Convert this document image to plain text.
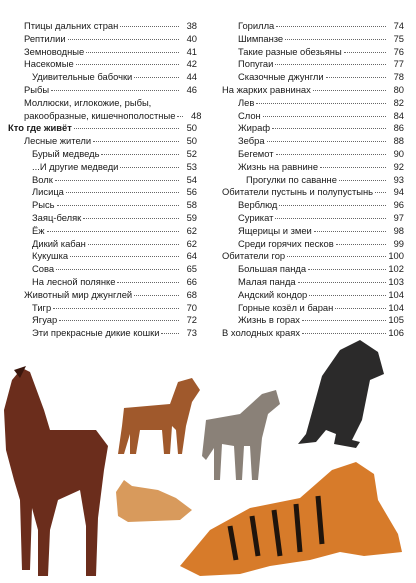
Птицы дальних стран	38
Рептилии	40
Земноводные	41
Насекомые	42
Удивительные бабочки	44
Рыбы	46
Моллюски, иглокожие, рыбы,
ракообразные, кишечнополостные	48
Кто где живёт	50
Лесные жители	50
Бурый медведь	52
...И другие медведи	53
Волк	54
Лисица	56
Рысь	58
Заяц-беляк	59
Ёж	62
Дикий кабан	62
Кукушка	64
Сова	65
На лесной полянке	66
Животный мир джунглей	68
Тигр	70
Ягуар	72
Эти прекрасные дикие кошки	73
Горилла	74
Шимпанзе	75
Такие разные обезьяны	76
Попугаи	77
Сказочные джунгли	78
На жарких равнинах	80
Лев	82
Слон	84
Жираф	86
Зебра	88
Бегемот	90
Жизнь на равнине	92
Прогулки по саванне	93
Обитатели пустынь и полупустынь	94
Верблюд	96
Сурикат	97
Ящерицы и змеи	98
Среди горячих песков	99
Обитатели гор	100
Большая панда	102
Малая панда	103
Андский кондор	104
Горные козёл и баран	104
Жизнь в горах	105
В холодных краях	106
